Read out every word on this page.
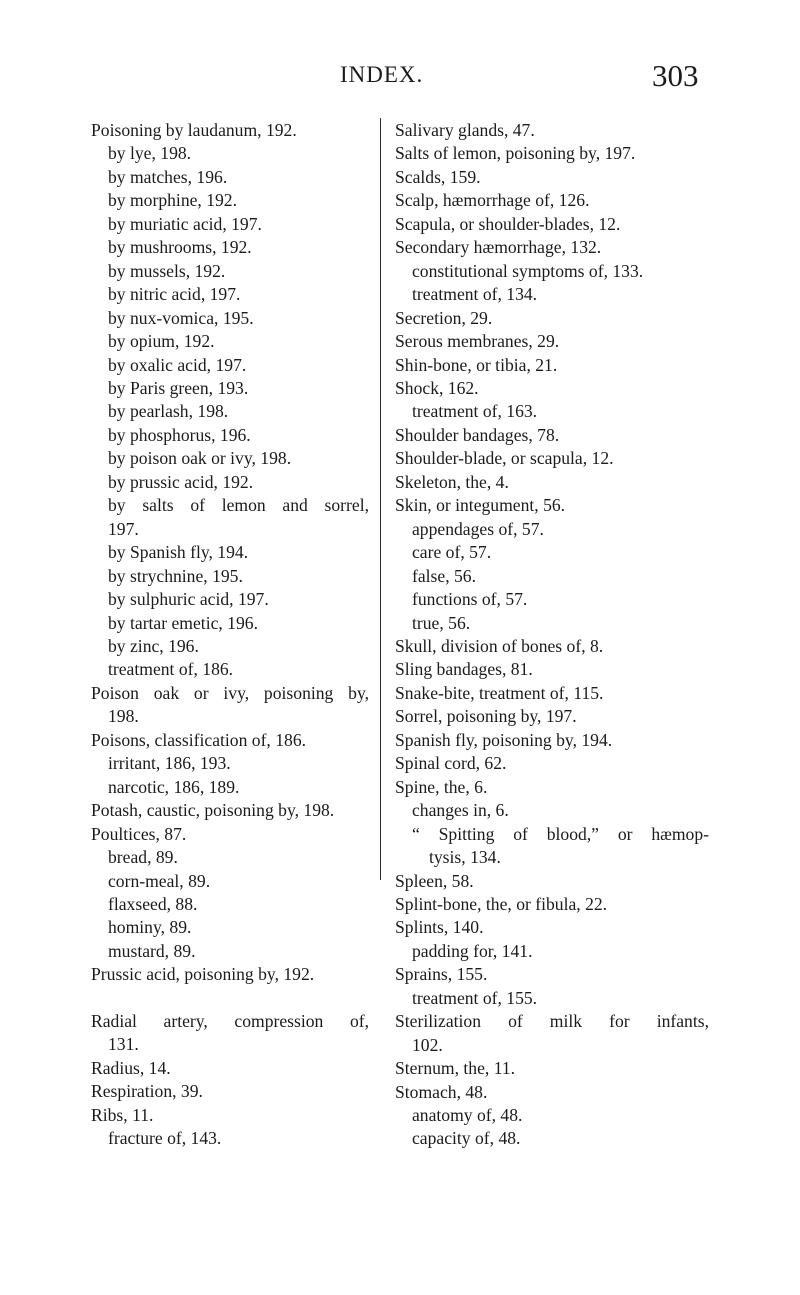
INDEX.	303
Poisoning by laudanum, 192.
by lye, 198.
by matches, 196.
by morphine, 192.
by muriatic acid, 197.
by mushrooms, 192.
by mussels, 192.
by nitric acid, 197.
by nux-vomica, 195.
by opium, 192.
by oxalic acid, 197.
by Paris green, 193.
by pearlash, 198.
by phosphorus, 196.
by poison oak or ivy, 198.
by prussic acid, 192.
by salts of lemon and sorrel,
197.
by Spanish fly, 194.
by strychnine, 195.
by sulphuric acid, 197.
by tartar emetic, 196.
by zinc, 196.
treatment of, 186.
Poison oak or ivy, poisoning by,
198.
Poisons, classification of, 186.
irritant, 186, 193.
narcotic, 186, 189.
Potash, caustic, poisoning by, 198.
Poultices, 87.
bread, 89.
corn-meal, 89.
flaxseed, 88.
hominy, 89.
mustard, 89.
Prussic acid, poisoning by, 192.
Radial artery, compression of,
131.
Radius, 14.
Respiration, 39.
Ribs, 11.
fracture of, 143.
Salivary glands, 47.
Salts of lemon, poisoning by, 197.
Scalds, 159.
Scalp, hæmorrhage of, 126.
Scapula, or shoulder-blades, 12.
Secondary hæmorrhage, 132.
constitutional symptoms of, 133.
treatment of, 134.
Secretion, 29.
Serous membranes, 29.
Shin-bone, or tibia, 21.
Shock, 162.
treatment of, 163.
Shoulder bandages, 78.
Shoulder-blade, or scapula, 12.
Skeleton, the, 4.
Skin, or integument, 56.
appendages of, 57.
care of, 57.
false, 56.
functions of, 57.
true, 56.
Skull, division of bones of, 8.
Sling bandages, 81.
Snake-bite, treatment of, 115.
Sorrel, poisoning by, 197.
Spanish fly, poisoning by, 194.
Spinal cord, 62.
Spine, the, 6.
changes in, 6.
“ Spitting of blood,” or hæmop-
tysis, 134.
Spleen, 58.
Splint-bone, the, or fibula, 22.
Splints, 140.
padding for, 141.
Sprains, 155.
treatment of, 155.
Sterilization of milk for infants,
102.
Sternum, the, 11.
Stomach, 48.
anatomy of, 48.
capacity of, 48.
